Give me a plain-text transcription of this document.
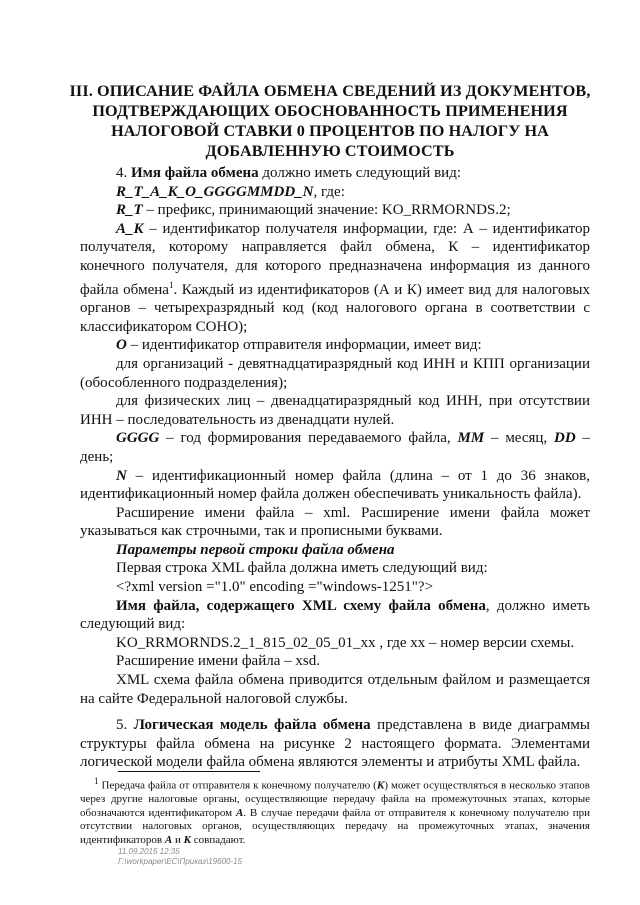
III. ОПИСАНИЕ ФАЙЛА ОБМЕНА СВЕДЕНИЙ ИЗ ДОКУМЕНТОВ,
ПОДТВЕРЖДАЮЩИХ ОБОСНОВАННОСТЬ ПРИМЕНЕНИЯ
НАЛОГОВОЙ СТАВКИ 0 ПРОЦЕНТОВ ПО НАЛОГУ НА
ДОБАВЛЕННУЮ СТОИМОСТЬ

4. Имя файла обмена должно иметь следующий вид:

R_T_A_K_O_GGGGMMDD_N, где:

R_T – префикс, принимающий значение: KO_RRMORNDS.2;

A_K – идентификатор получателя информации, где: А – идентификатор получателя, которому направляется файл обмена, К – идентификатор конечного получателя, для которого предназначена информация из данного файла обмена$^1$. Каждый из идентификаторов (А и К) имеет вид для налоговых органов – четырехразрядный код (код налогового органа в соответствии с классификатором СОНО);

O – идентификатор отправителя информации, имеет вид:

для организаций - девятнадцатиразрядный код ИНН и КПП организации (обособленного подразделения);

для физических лиц – двенадцатиразрядный код ИНН, при отсутствии ИНН – последовательность из двенадцати нулей.

GGGG – год формирования передаваемого файла, MM – месяц, DD – день;

N – идентификационный номер файла (длина – от 1 до 36 знаков, идентификационный номер файла должен обеспечивать уникальность файла).

Расширение имени файла – xml. Расширение имени файла может указываться как строчными, так и прописными буквами.

Параметры первой строки файла обмена

Первая строка XML файла должна иметь следующий вид:

<?xml version ="1.0" encoding ="windows-1251"?>

Имя файла, содержащего XML схему файла обмена, должно иметь следующий вид:

KO_RRMORNDS.2_1_815_02_05_01_xx , где хх – номер версии схемы.

Расширение имени файла – xsd.

XML схема файла обмена приводится отдельным файлом и размещается на сайте Федеральной налоговой службы.

5. Логическая модель файла обмена представлена в виде диаграммы структуры файла обмена на рисунке 2 настоящего формата. Элементами логической модели файла обмена являются элементы и атрибуты XML файла.

$^1$ Передача файла от отправителя к конечному получателю (К) может осуществляться в несколько этапов через другие налоговые органы, осуществляющие передачу файла на промежуточных этапах, которые обозначаются идентификатором А. В случае передачи файла от отправителя к конечному получателю при отсутствии налоговых органов, осуществляющих передачу на промежуточных этапах, значения идентификаторов А и К совпадают.

11.09.2015 12:35
Г:\workpaper\ЕС\Приказ\19600-15
